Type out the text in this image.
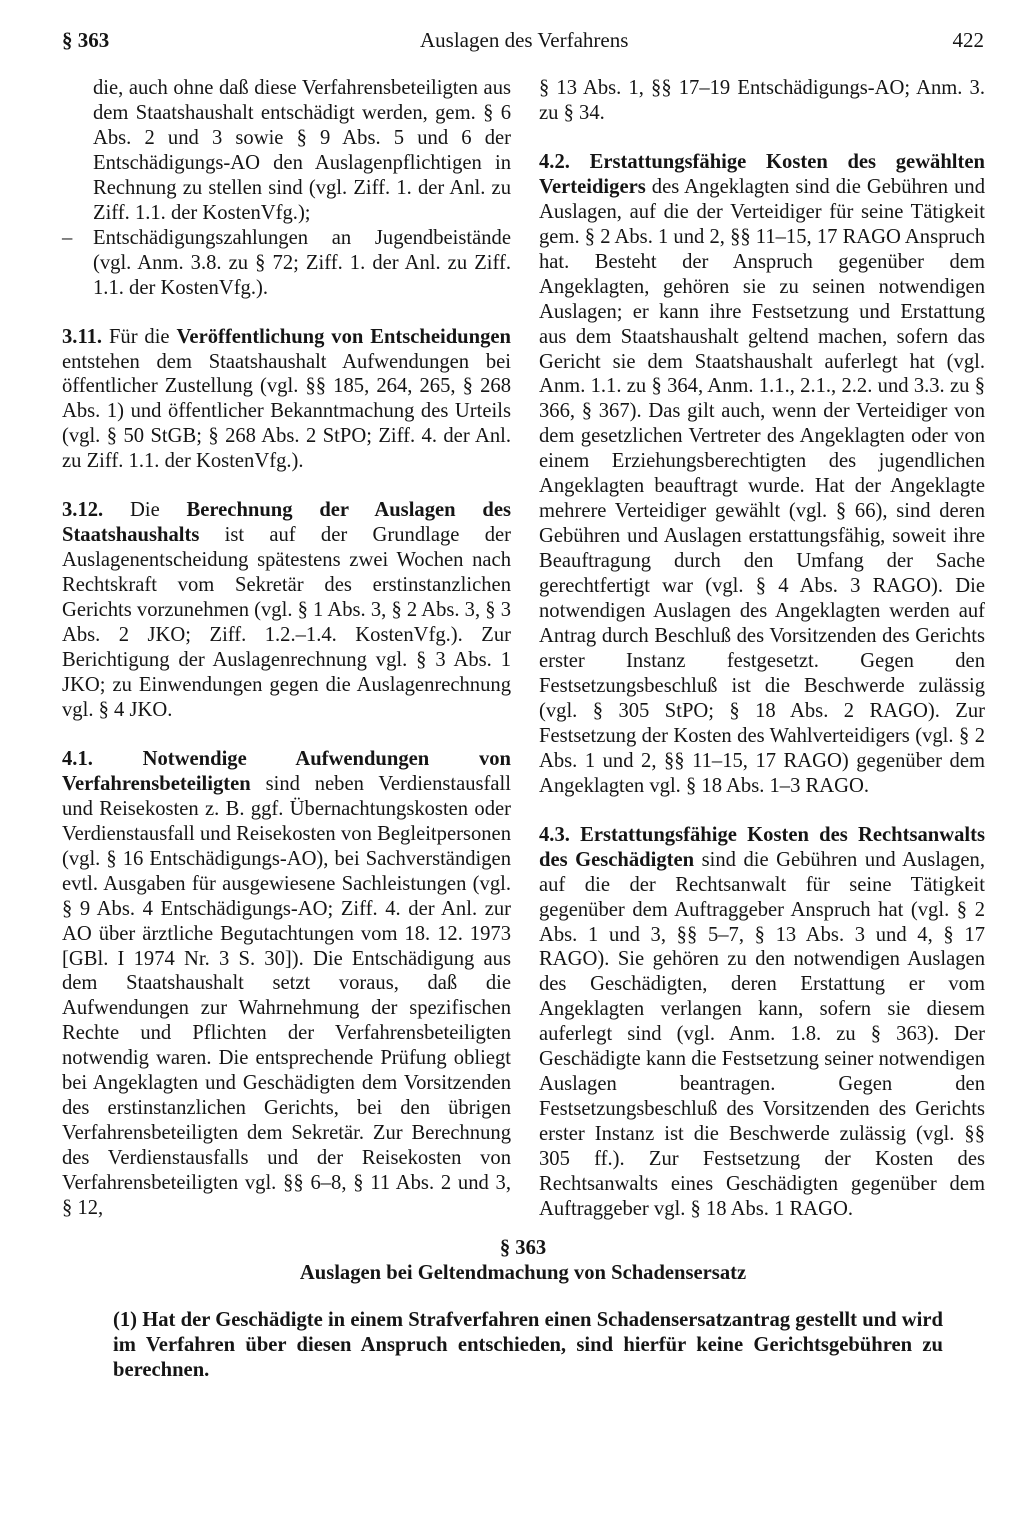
§ 363	Auslagen des Verfahrens	422

die, auch ohne daß diese Verfahrensbeteiligten aus dem Staatshaushalt entschädigt werden, gem. § 6 Abs. 2 und 3 sowie § 9 Abs. 5 und 6 der Entschädigungs-AO den Auslagenpflichtigen in Rechnung zu stellen sind (vgl. Ziff. 1. der Anl. zu Ziff. 1.1. der KostenVfg.);

– Entschädigungszahlungen an Jugendbeistände (vgl. Anm. 3.8. zu § 72; Ziff. 1. der Anl. zu Ziff. 1.1. der KostenVfg.).

3.11. Für die Veröffentlichung von Entscheidungen entstehen dem Staatshaushalt Aufwendungen bei öffentlicher Zustellung (vgl. §§ 185, 264, 265, § 268 Abs. 1) und öffentlicher Bekanntmachung des Urteils (vgl. § 50 StGB; § 268 Abs. 2 StPO; Ziff. 4. der Anl. zu Ziff. 1.1. der KostenVfg.).

3.12. Die Berechnung der Auslagen des Staatshaushalts ist auf der Grundlage der Auslagenentscheidung spätestens zwei Wochen nach Rechtskraft vom Sekretär des erstinstanzlichen Gerichts vorzunehmen (vgl. § 1 Abs. 3, § 2 Abs. 3, § 3 Abs. 2 JKO; Ziff. 1.2.–1.4. KostenVfg.). Zur Berichtigung der Auslagenrechnung vgl. § 3 Abs. 1 JKO; zu Einwendungen gegen die Auslagenrechnung vgl. § 4 JKO.

4.1. Notwendige Aufwendungen von Verfahrensbeteiligten sind neben Verdienstausfall und Reisekosten z. B. ggf. Übernachtungskosten oder Verdienstausfall und Reisekosten von Begleitpersonen (vgl. § 16 Entschädigungs-AO), bei Sachverständigen evtl. Ausgaben für ausgewiesene Sachleistungen (vgl. § 9 Abs. 4 Entschädigungs-AO; Ziff. 4. der Anl. zur AO über ärztliche Begutachtungen vom 18. 12. 1973 [GBl. I 1974 Nr. 3 S. 30]). Die Entschädigung aus dem Staatshaushalt setzt voraus, daß die Aufwendungen zur Wahrnehmung der spezifischen Rechte und Pflichten der Verfahrensbeteiligten notwendig waren. Die entsprechende Prüfung obliegt bei Angeklagten und Geschädigten dem Vorsitzenden des erstinstanzlichen Gerichts, bei den übrigen Verfahrensbeteiligten dem Sekretär. Zur Berechnung des Verdienstausfalls und der Reisekosten von Verfahrensbeteiligten vgl. §§ 6–8, § 11 Abs. 2 und 3, § 12,

§ 13 Abs. 1, §§ 17–19 Entschädigungs-AO; Anm. 3. zu § 34.

4.2. Erstattungsfähige Kosten des gewählten Verteidigers des Angeklagten sind die Gebühren und Auslagen, auf die der Verteidiger für seine Tätigkeit gem. § 2 Abs. 1 und 2, §§ 11–15, 17 RAGO Anspruch hat. Besteht der Anspruch gegenüber dem Angeklagten, gehören sie zu seinen notwendigen Auslagen; er kann ihre Festsetzung und Erstattung aus dem Staatshaushalt geltend machen, sofern das Gericht sie dem Staatshaushalt auferlegt hat (vgl. Anm. 1.1. zu § 364, Anm. 1.1., 2.1., 2.2. und 3.3. zu § 366, § 367). Das gilt auch, wenn der Verteidiger von dem gesetzlichen Vertreter des Angeklagten oder von einem Erziehungsberechtigten des jugendlichen Angeklagten beauftragt wurde. Hat der Angeklagte mehrere Verteidiger gewählt (vgl. § 66), sind deren Gebühren und Auslagen erstattungsfähig, soweit ihre Beauftragung durch den Umfang der Sache gerechtfertigt war (vgl. § 4 Abs. 3 RAGO). Die notwendigen Auslagen des Angeklagten werden auf Antrag durch Beschluß des Vorsitzenden des Gerichts erster Instanz festgesetzt. Gegen den Festsetzungsbeschluß ist die Beschwerde zulässig (vgl. § 305 StPO; § 18 Abs. 2 RAGO). Zur Festsetzung der Kosten des Wahlverteidigers (vgl. § 2 Abs. 1 und 2, §§ 11–15, 17 RAGO) gegenüber dem Angeklagten vgl. § 18 Abs. 1–3 RAGO.

4.3. Erstattungsfähige Kosten des Rechtsanwalts des Geschädigten sind die Gebühren und Auslagen, auf die der Rechtsanwalt für seine Tätigkeit gegenüber dem Auftraggeber Anspruch hat (vgl. § 2 Abs. 1 und 3, §§ 5–7, § 13 Abs. 3 und 4, § 17 RAGO). Sie gehören zu den notwendigen Auslagen des Geschädigten, deren Erstattung er vom Angeklagten verlangen kann, sofern sie diesem auferlegt sind (vgl. Anm. 1.8. zu § 363). Der Geschädigte kann die Festsetzung seiner notwendigen Auslagen beantragen. Gegen den Festsetzungsbeschluß des Vorsitzenden des Gerichts erster Instanz ist die Beschwerde zulässig (vgl. §§ 305 ff.). Zur Festsetzung der Kosten des Rechtsanwalts eines Geschädigten gegenüber dem Auftraggeber vgl. § 18 Abs. 1 RAGO.

§ 363
Auslagen bei Geltendmachung von Schadensersatz

(1) Hat der Geschädigte in einem Strafverfahren einen Schadensersatzantrag gestellt und wird im Verfahren über diesen Anspruch entschieden, sind hierfür keine Gerichtsgebühren zu berechnen.
